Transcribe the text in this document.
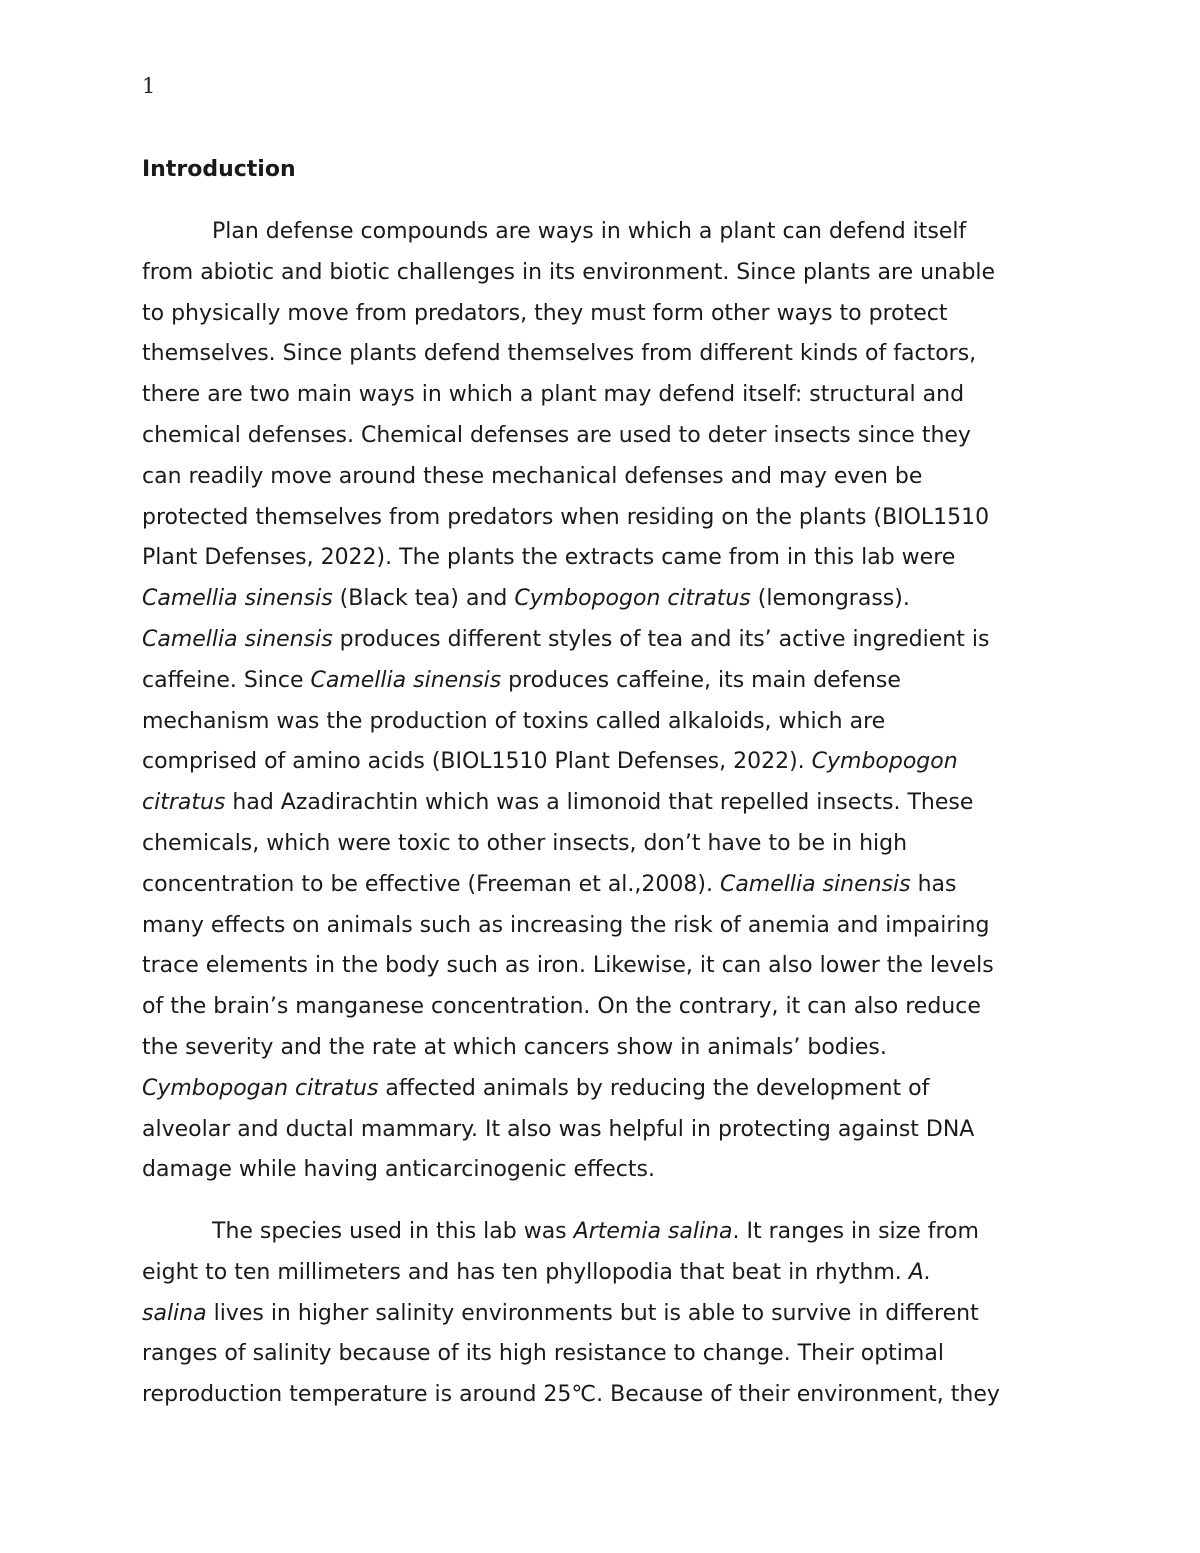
1
Introduction

Plan defense compounds are ways in which a plant can defend itself
from abiotic and biotic challenges in its environment. Since plants are unable
to physically move from predators, they must form other ways to protect
themselves. Since plants defend themselves from different kinds of factors,
there are two main ways in which a plant may defend itself: structural and
chemical defenses. Chemical defenses are used to deter insects since they
can readily move around these mechanical defenses and may even be
protected themselves from predators when residing on the plants (BIOL1510
Plant Defenses, 2022). The plants the extracts came from in this lab were
Camellia sinensis (Black tea) and Cymbopogon citratus (lemongrass).
Camellia sinensis produces different styles of tea and its’ active ingredient is
caffeine. Since Camellia sinensis produces caffeine, its main defense
mechanism was the production of toxins called alkaloids, which are
comprised of amino acids (BIOL1510 Plant Defenses, 2022). Cymbopogon
citratus had Azadirachtin which was a limonoid that repelled insects. These
chemicals, which were toxic to other insects, don’t have to be in high
concentration to be effective (Freeman et al.,2008). Camellia sinensis has
many effects on animals such as increasing the risk of anemia and impairing
trace elements in the body such as iron. Likewise, it can also lower the levels
of the brain’s manganese concentration. On the contrary, it can also reduce
the severity and the rate at which cancers show in animals’ bodies.
Cymbopogan citratus affected animals by reducing the development of
alveolar and ductal mammary. It also was helpful in protecting against DNA
damage while having anticarcinogenic effects.

The species used in this lab was Artemia salina. It ranges in size from
eight to ten millimeters and has ten phyllopodia that beat in rhythm. A.
salina lives in higher salinity environments but is able to survive in different
ranges of salinity because of its high resistance to change. Their optimal
reproduction temperature is around 25℃. Because of their environment, they
